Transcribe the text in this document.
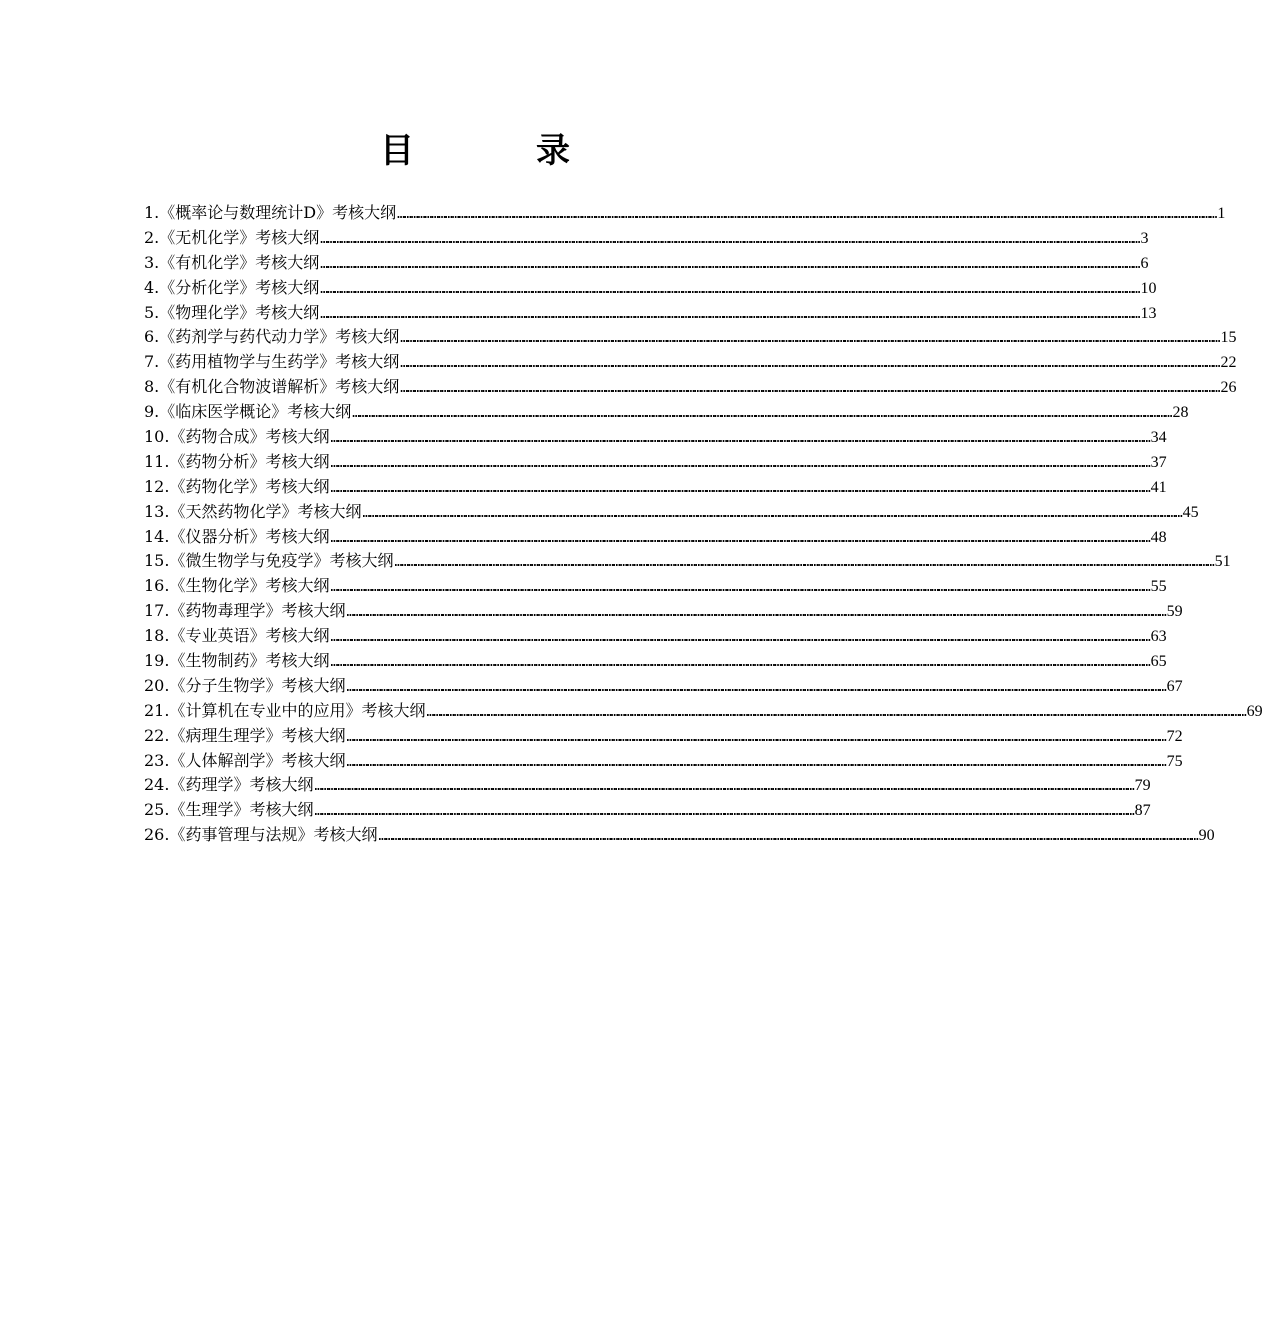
目　录
1.《概率论与数理统计D》考核大纲 ……………………………………………………………………………………………………………………………………………………………………………………………………………………………………………………………………………………………………………………………… 1
2.《无机化学》考核大纲 ……………………………………………………………………………………………………………………………………………………………………………………………………………………………………………………………………………………………………………………………… 3
3.《有机化学》考核大纲 ……………………………………………………………………………………………………………………………………………………………………………………………………………………………………………………………………………………………………………………………… 6
4.《分析化学》考核大纲 ……………………………………………………………………………………………………………………………………………………………………………………………………………………………………………………………………………………………………………………………… 10
5.《物理化学》考核大纲 ……………………………………………………………………………………………………………………………………………………………………………………………………………………………………………………………………………………………………………………………… 13
6.《药剂学与药代动力学》考核大纲 ……………………………………………………………………………………………………………………………………………………………………………………………………………………………………………………………………………………………………………………………… 15
7.《药用植物学与生药学》考核大纲 ……………………………………………………………………………………………………………………………………………………………………………………………………………………………………………………………………………………………………………………………… 22
8.《有机化合物波谱解析》考核大纲 ……………………………………………………………………………………………………………………………………………………………………………………………………………………………………………………………………………………………………………………………… 26
9.《临床医学概论》考核大纲 ……………………………………………………………………………………………………………………………………………………………………………………………………………………………………………………………………………………………………………………………… 28
10.《药物合成》考核大纲 ……………………………………………………………………………………………………………………………………………………………………………………………………………………………………………………………………………………………………………………………… 34
11.《药物分析》考核大纲 ……………………………………………………………………………………………………………………………………………………………………………………………………………………………………………………………………………………………………………………………… 37
12.《药物化学》考核大纲 ……………………………………………………………………………………………………………………………………………………………………………………………………………………………………………………………………………………………………………………………… 41
13.《天然药物化学》考核大纲 ……………………………………………………………………………………………………………………………………………………………………………………………………………………………………………………………………………………………………………………………… 45
14.《仪器分析》考核大纲 ……………………………………………………………………………………………………………………………………………………………………………………………………………………………………………………………………………………………………………………………… 48
15.《微生物学与免疫学》考核大纲 ……………………………………………………………………………………………………………………………………………………………………………………………………………………………………………………………………………………………………………………………… 51
16.《生物化学》考核大纲 ……………………………………………………………………………………………………………………………………………………………………………………………………………………………………………………………………………………………………………………………… 55
17.《药物毒理学》考核大纲 ……………………………………………………………………………………………………………………………………………………………………………………………………………………………………………………………………………………………………………………………… 59
18.《专业英语》考核大纲 ……………………………………………………………………………………………………………………………………………………………………………………………………………………………………………………………………………………………………………………………… 63
19.《生物制药》考核大纲 ……………………………………………………………………………………………………………………………………………………………………………………………………………………………………………………………………………………………………………………………… 65
20.《分子生物学》考核大纲 ……………………………………………………………………………………………………………………………………………………………………………………………………………………………………………………………………………………………………………………………… 67
21.《计算机在专业中的应用》考核大纲 ……………………………………………………………………………………………………………………………………………………………………………………………………………………………………………………………………………………………………………………………… 69
22.《病理生理学》考核大纲 ……………………………………………………………………………………………………………………………………………………………………………………………………………………………………………………………………………………………………………………………… 72
23.《人体解剖学》考核大纲 ……………………………………………………………………………………………………………………………………………………………………………………………………………………………………………………………………………………………………………………………… 75
24.《药理学》考核大纲 ……………………………………………………………………………………………………………………………………………………………………………………………………………………………………………………………………………………………………………………………… 79
25.《生理学》考核大纲 ……………………………………………………………………………………………………………………………………………………………………………………………………………………………………………………………………………………………………………………………… 87
26.《药事管理与法规》考核大纲 ……………………………………………………………………………………………………………………………………………………………………………………………………………………………………………………………………………………………………………………………… 90
